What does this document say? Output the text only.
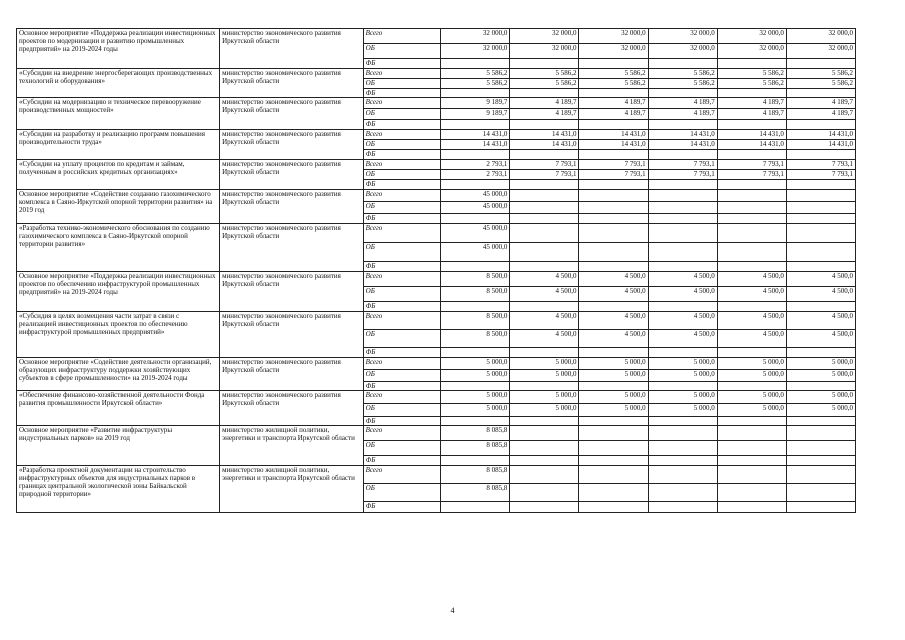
Основное мероприятие «Поддержка реализации инвестиционных проектов по модернизации и развитию промышленных предприятий» на 2019-2024 годы	министерство экономического развития Иркутской области	Всего	32 000,0	32 000,0	32 000,0	32 000,0	32 000,0	32 000,0
		ОБ	32 000,0	32 000,0	32 000,0	32 000,0	32 000,0	32 000,0
		ФБ						
«Субсидии на внедрение энергосберегающих производственных технологий и оборудования»	министерство экономического развития Иркутской области	Всего	5 586,2	5 586,2	5 586,2	5 586,2	5 586,2	5 586,2
		ОБ	5 586,2	5 586,2	5 586,2	5 586,2	5 586,2	5 586,2
		ФБ						
«Субсидии на модернизацию и техническое перевооружение производственных мощностей»	министерство экономического развития Иркутской области	Всего	9 189,7	4 189,7	4 189,7	4 189,7	4 189,7	4 189,7
		ОБ	9 189,7	4 189,7	4 189,7	4 189,7	4 189,7	4 189,7
		ФБ						
«Субсидии на разработку и реализацию программ повышения производительности труда»	министерство экономического развития Иркутской области	Всего	14 431,0	14 431,0	14 431,0	14 431,0	14 431,0	14 431,0
		ОБ	14 431,0	14 431,0	14 431,0	14 431,0	14 431,0	14 431,0
		ФБ						
«Субсидии на уплату процентов по кредитам и займам, полученным в российских кредитных организациях»	министерство экономического развития Иркутской области	Всего	2 793,1	7 793,1	7 793,1	7 793,1	7 793,1	7 793,1
		ОБ	2 793,1	7 793,1	7 793,1	7 793,1	7 793,1	7 793,1
		ФБ						
Основное мероприятие «Содействие созданию газохимического комплекса в Саяно-Иркутской опорной территории развития» на 2019 год	министерство экономического развития Иркутской области	Всего	45 000,0					
		ОБ	45 000,0					
		ФБ						
«Разработка технико-экономического обоснования по созданию газохимического комплекса в Саяно-Иркутской опорной территории развития»	министерство экономического развития Иркутской области	Всего	45 000,0					
		ОБ	45 000,0					
		ФБ						
Основное мероприятие «Поддержка реализации инвестиционных проектов по обеспечению инфраструктурой промышленных предприятий» на 2019-2024 годы	министерство экономического развития Иркутской области	Всего	8 500,0	4 500,0	4 500,0	4 500,0	4 500,0	4 500,0
		ОБ	8 500,0	4 500,0	4 500,0	4 500,0	4 500,0	4 500,0
		ФБ						
«Субсидия в целях возмещения части затрат в связи с реализацией инвестиционных проектов по обеспечению инфраструктурой промышленных предприятий»	министерство экономического развития Иркутской области	Всего	8 500,0	4 500,0	4 500,0	4 500,0	4 500,0	4 500,0
		ОБ	8 500,0	4 500,0	4 500,0	4 500,0	4 500,0	4 500,0
		ФБ						
Основное мероприятие «Содействие деятельности организаций, образующих инфраструктуру поддержки хозяйствующих субъектов в сфере промышленности» на 2019-2024 годы	министерство экономического развития Иркутской области	Всего	5 000,0	5 000,0	5 000,0	5 000,0	5 000,0	5 000,0
		ОБ	5 000,0	5 000,0	5 000,0	5 000,0	5 000,0	5 000,0
		ФБ						
«Обеспечение финансово-хозяйственной деятельности Фонда развития промышленности Иркутской области»	министерство экономического развития Иркутской области	Всего	5 000,0	5 000,0	5 000,0	5 000,0	5 000,0	5 000,0
		ОБ	5 000,0	5 000,0	5 000,0	5 000,0	5 000,0	5 000,0
		ФБ						
Основное мероприятие «Развитие инфраструктуры индустриальных парков» на 2019 год	министерство жилищной политики, энергетики и транспорта Иркутской области	Всего	8 085,8					
		ОБ	8 085,8					
		ФБ						
«Разработка проектной документации на строительство инфраструктурных объектов для индустриальных парков в границах центральной экологической зоны Байкальской природной территории»	министерство жилищной политики, энергетики и транспорта Иркутской области	Всего	8 085,8					
		ОБ	8 085,8					
		ФБ						
4
